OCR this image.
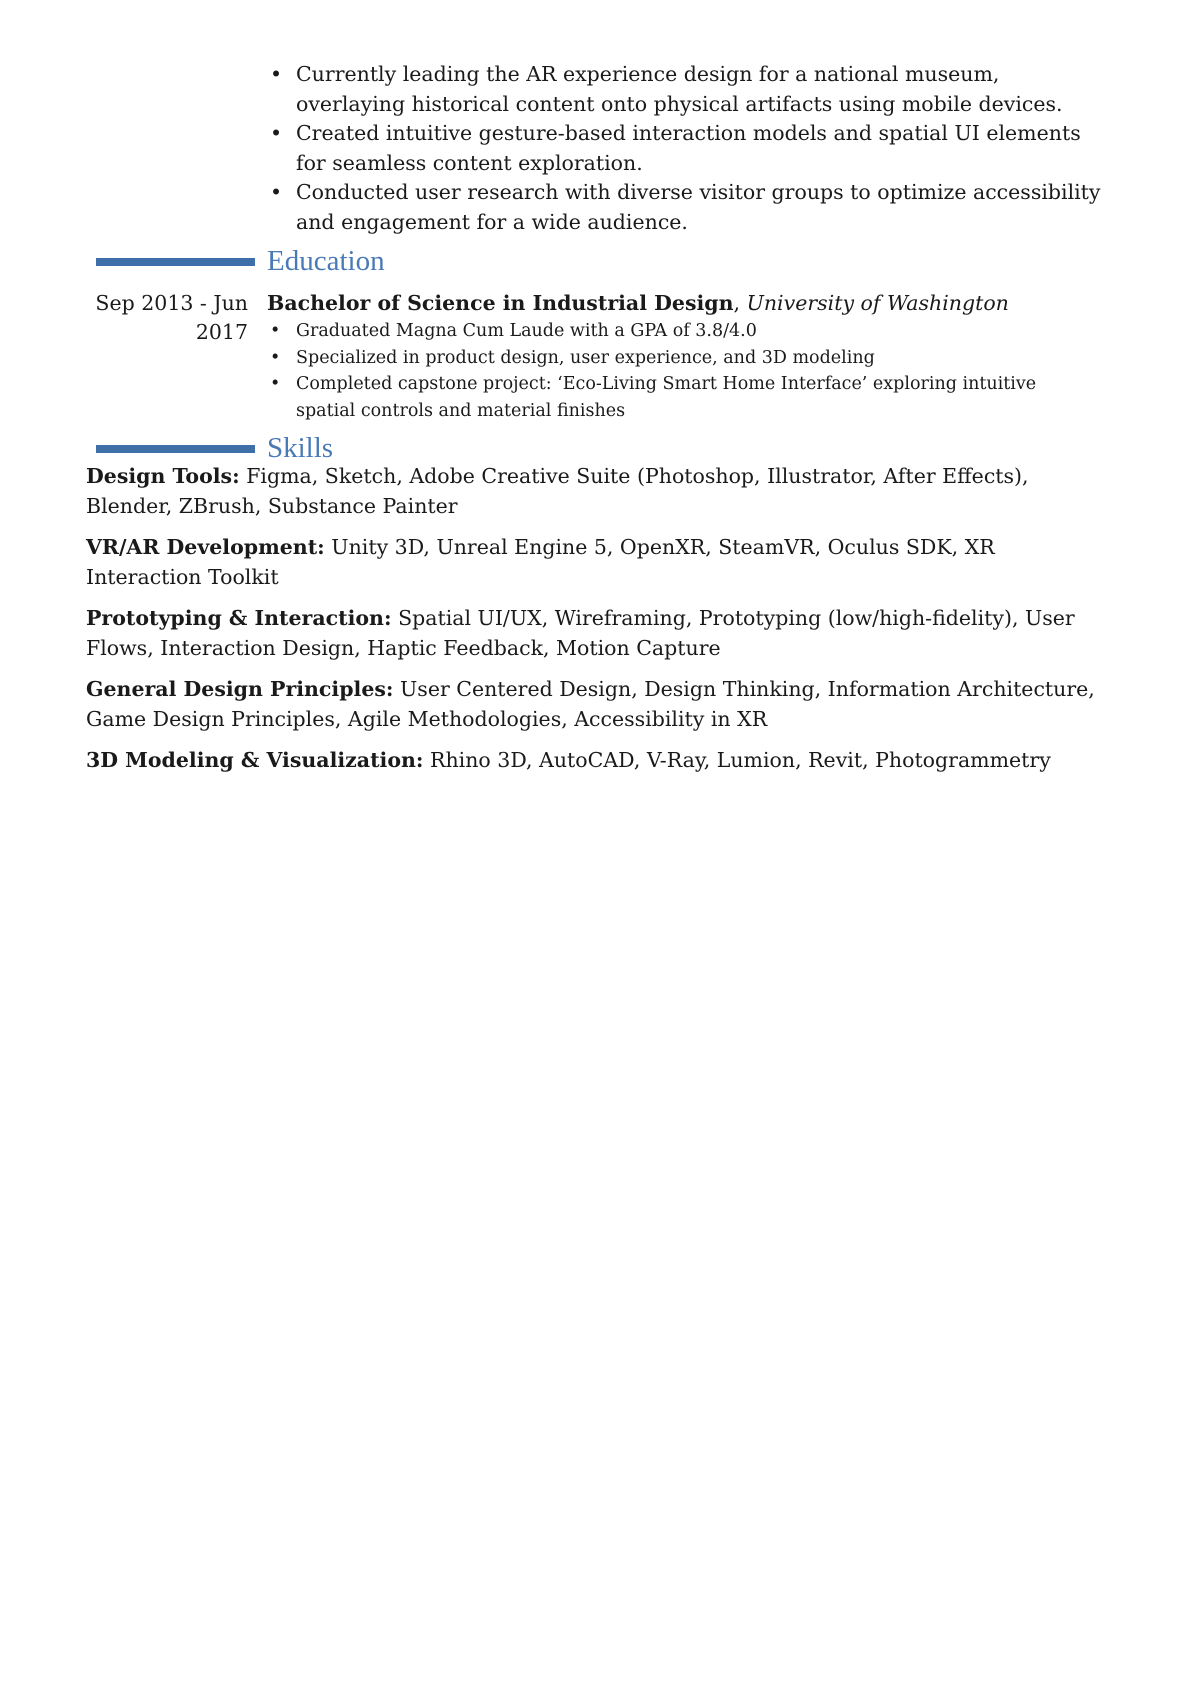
• Currently leading the AR experience design for a national museum, overlaying historical content onto physical artifacts using mobile devices.
• Created intuitive gesture-based interaction models and spatial UI elements for seamless content exploration.
• Conducted user research with diverse visitor groups to optimize accessibility and engagement for a wide audience.
Education
Sep 2013 - Jun 2017
Bachelor of Science in Industrial Design, University of Washington
• Graduated Magna Cum Laude with a GPA of 3.8/4.0
• Specialized in product design, user experience, and 3D modeling
• Completed capstone project: ‘Eco-Living Smart Home Interface’ exploring intuitive spatial controls and material finishes
Skills

Design Tools: Figma, Sketch, Adobe Creative Suite (Photoshop, Illustrator, After Effects), Blender, ZBrush, Substance Painter

VR/AR Development: Unity 3D, Unreal Engine 5, OpenXR, SteamVR, Oculus SDK, XR Interaction Toolkit

Prototyping & Interaction: Spatial UI/UX, Wireframing, Prototyping (low/high-fidelity), User Flows, Interaction Design, Haptic Feedback, Motion Capture

General Design Principles: User Centered Design, Design Thinking, Information Architecture, Game Design Principles, Agile Methodologies, Accessibility in XR

3D Modeling & Visualization: Rhino 3D, AutoCAD, V-Ray, Lumion, Revit, Photogrammetry
